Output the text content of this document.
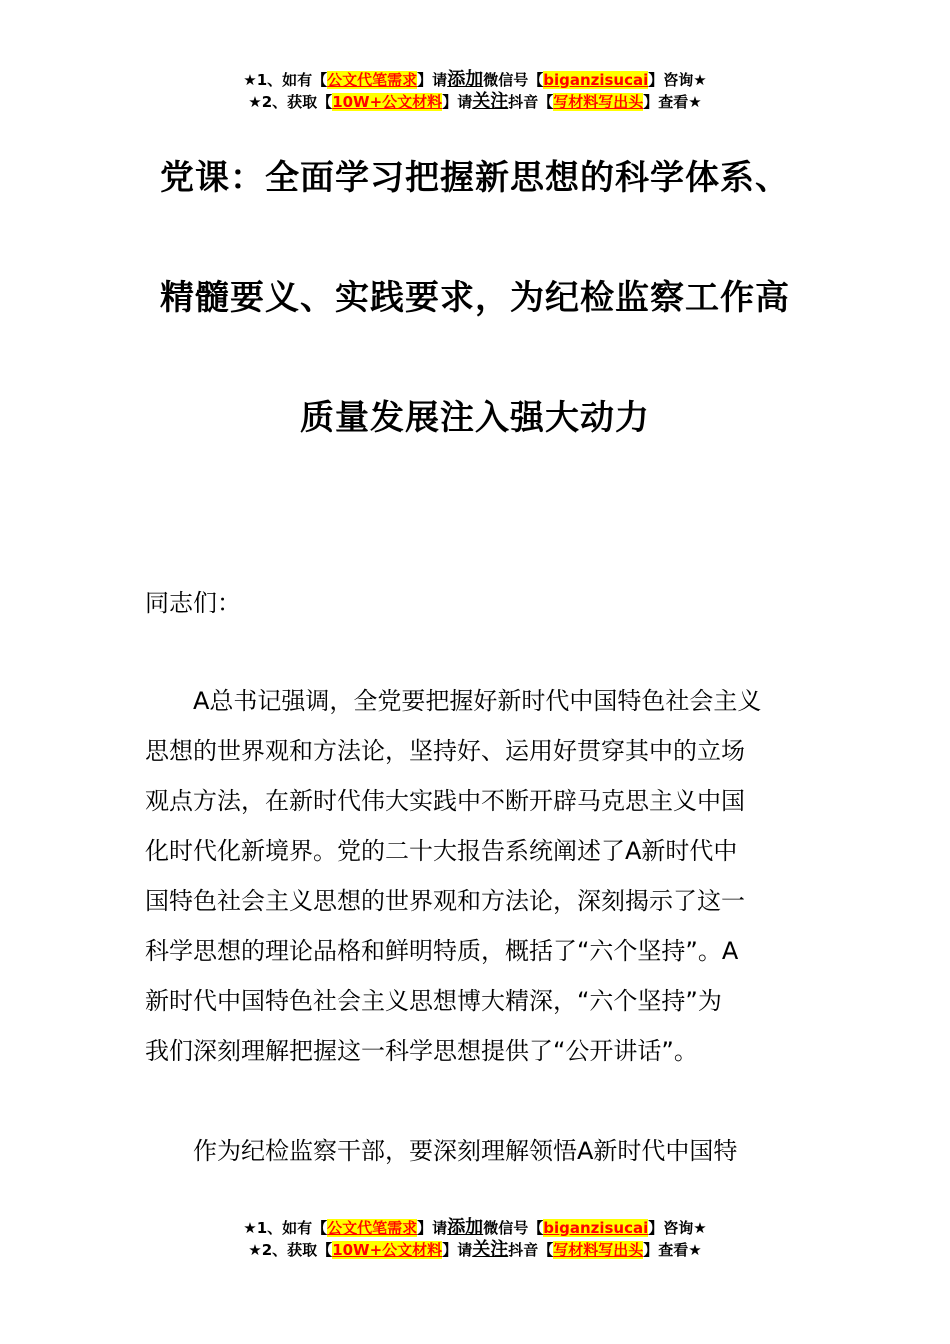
★1、如有【公文代笔需求】请添加微信号【biganzisucai】咨询★
★2、获取【10W+公文材料】请关注抖音【写材料写出头】查看★
党课：全面学习把握新思想的科学体系、
精髓要义、实践要求，为纪检监察工作高
质量发展注入强大动力
同志们：
A总书记强调，全党要把握好新时代中国特色社会主义
思想的世界观和方法论，坚持好、运用好贯穿其中的立场
观点方法，在新时代伟大实践中不断开辟马克思主义中国
化时代化新境界。党的二十大报告系统阐述了A新时代中
国特色社会主义思想的世界观和方法论，深刻揭示了这一
科学思想的理论品格和鲜明特质，概括了“六个坚持”。A
新时代中国特色社会主义思想博大精深，“六个坚持”为
我们深刻理解把握这一科学思想提供了“公开讲话”。
作为纪检监察干部，要深刻理解领悟A新时代中国特
★1、如有【公文代笔需求】请添加微信号【biganzisucai】咨询★
★2、获取【10W+公文材料】请关注抖音【写材料写出头】查看★
